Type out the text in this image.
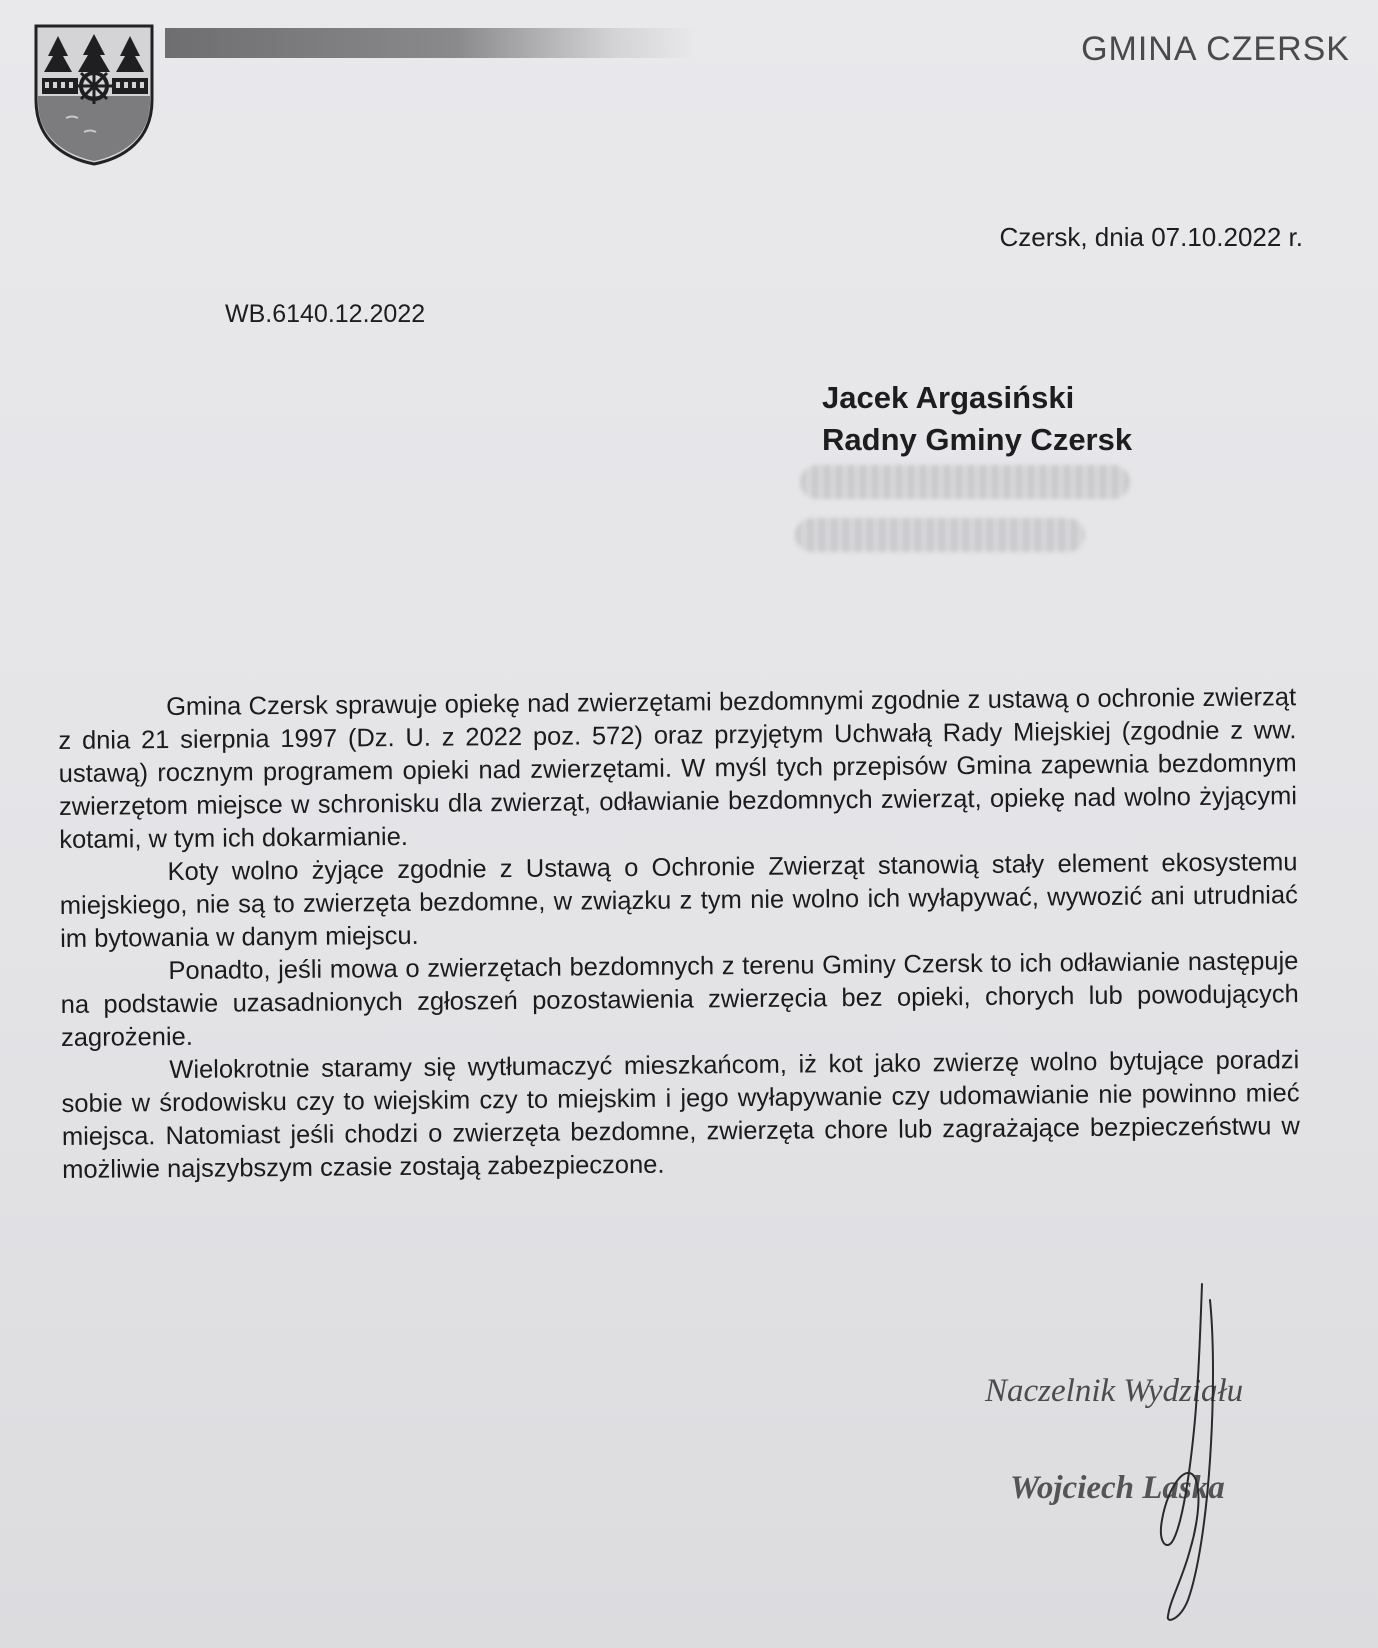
GMINA CZERSK
Czersk, dnia 07.10.2022 r.
WB.6140.12.2022
Jacek Argasiński
Radny Gminy Czersk

Gmina Czersk sprawuje opiekę nad zwierzętami bezdomnymi zgodnie z ustawą o ochronie zwierząt z dnia 21 sierpnia 1997 (Dz. U. z 2022 poz. 572) oraz przyjętym Uchwałą Rady Miejskiej (zgodnie z ww. ustawą) rocznym programem opieki nad zwierzętami. W myśl tych przepisów Gmina zapewnia bezdomnym zwierzętom miejsce w schronisku dla zwierząt, odławianie bezdomnych zwierząt, opiekę nad wolno żyjącymi kotami, w tym ich dokarmianie.

Koty wolno żyjące zgodnie z Ustawą o Ochronie Zwierząt stanowią stały element ekosystemu miejskiego, nie są to zwierzęta bezdomne, w związku z tym nie wolno ich wyłapywać, wywozić ani utrudniać im bytowania w danym miejscu.

Ponadto, jeśli mowa o zwierzętach bezdomnych z terenu Gminy Czersk to ich odławianie następuje na podstawie uzasadnionych zgłoszeń pozostawienia zwierzęcia bez opieki, chorych lub powodujących zagrożenie.

Wielokrotnie staramy się wytłumaczyć mieszkańcom, iż kot jako zwierzę wolno bytujące poradzi sobie w środowisku czy to wiejskim czy to miejskim i jego wyłapywanie czy udomawianie nie powinno mieć miejsca. Natomiast jeśli chodzi o zwierzęta bezdomne, zwierzęta chore lub zagrażające bezpieczeństwu w możliwie najszybszym czasie zostają zabezpieczone.

Naczelnik Wydziału
Wojciech Laska
